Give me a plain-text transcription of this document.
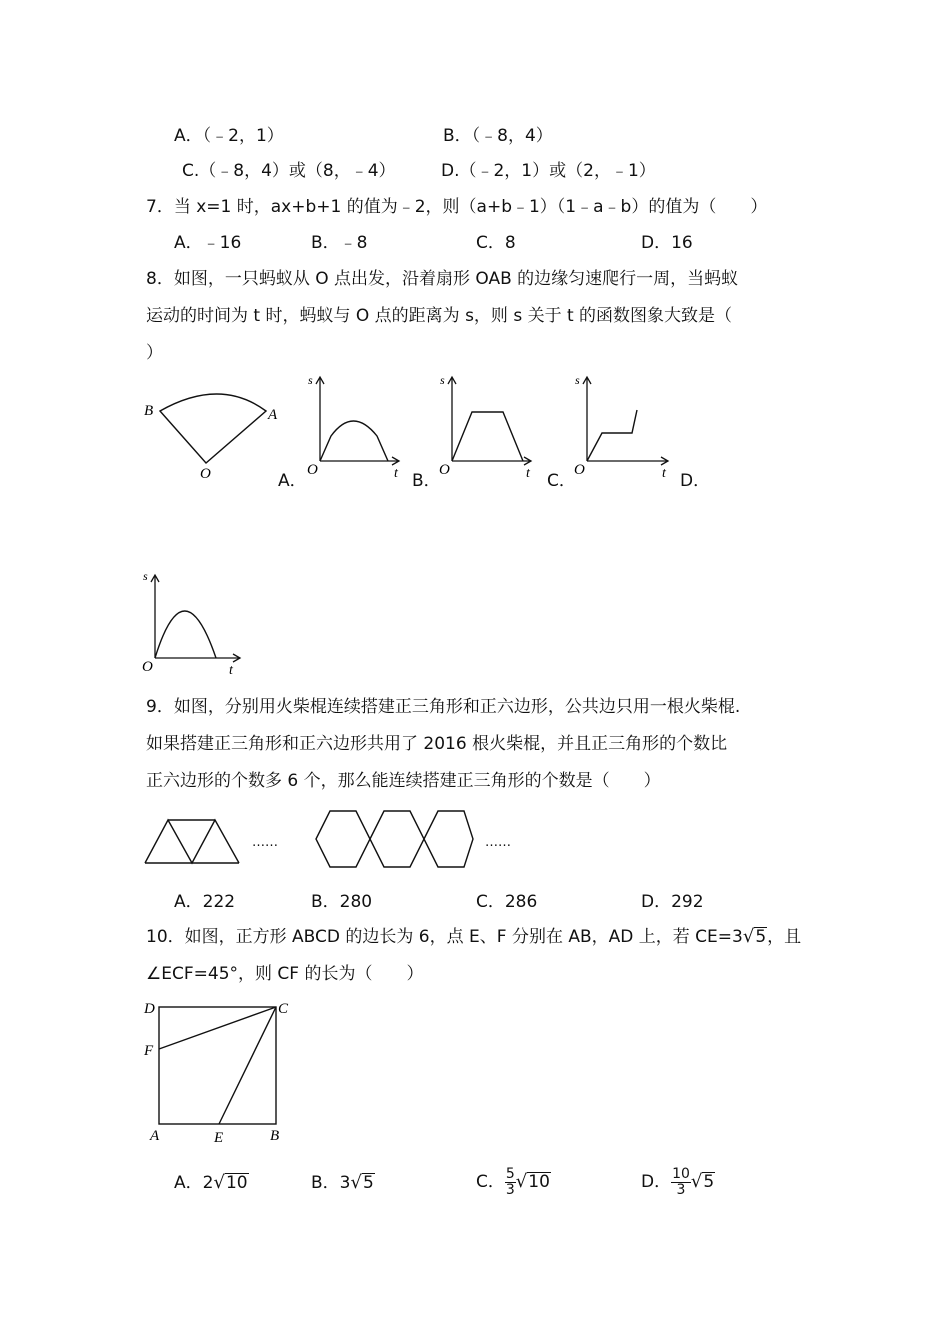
A．（﹣2，1）	B．（﹣8，4）
C.（﹣8，4）或（8，﹣4）	D.（﹣2，1）或（2，﹣1）
7．当 x=1 时，ax+b+1 的值为﹣2，则（a+b﹣1）（1﹣a﹣b）的值为（　　）
A．﹣16	B．﹣8	C．8	D．16
8．如图，一只蚂蚁从 O 点出发，沿着扇形 OAB 的边缘匀速爬行一周，当蚂蚁
运动的时间为 t 时，蚂蚁与 O 点的距离为 s，则 s 关于 t 的函数图象大致是（
）
B	A
O
s
O	t
A．
s
O	t
B．
s
O	t
C．	D．
s
O	t
9．如图，分别用火柴棍连续搭建正三角形和正六边形，公共边只用一根火柴棍.
如果搭建正三角形和正六边形共用了 2016 根火柴棍，并且正三角形的个数比
正六边形的个数多 6 个，那么能连续搭建正三角形的个数是（　　）
……	……
A．222	B．280	C．286	D．292
10．如图，正方形 ABCD 的边长为 6，点 E、F 分别在 AB，AD 上，若 CE=3√5，且
∠ECF=45°，则 CF 的长为（　　）
D	C
F
A	E	B
A．2√10	B．3√5	C． $\frac{5}{3} √10$	D． $\frac{10}{3} √5$
